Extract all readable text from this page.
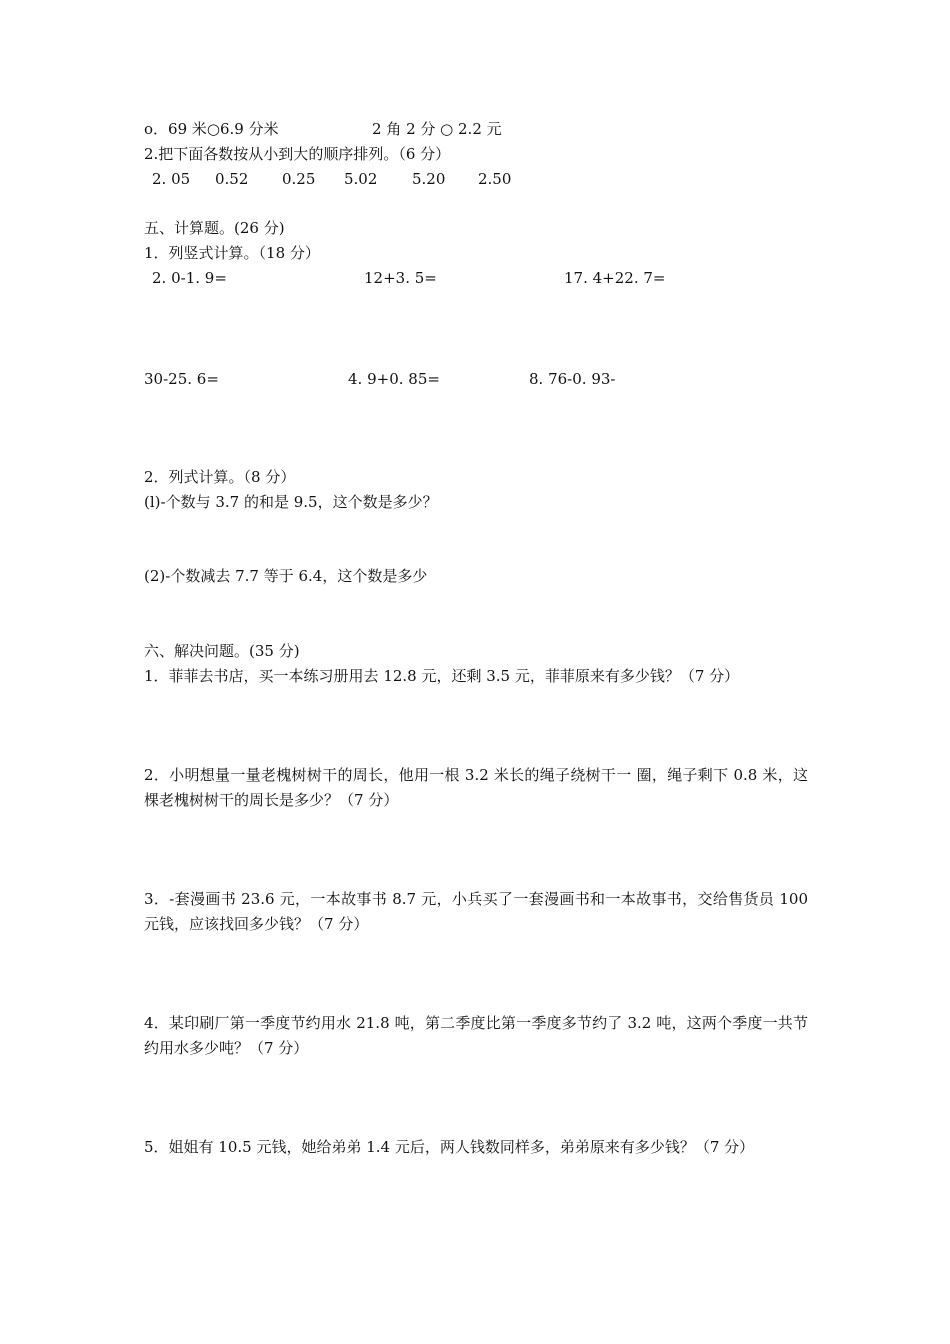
o．69 米○6.9 分米	2 角 2 分 ○ 2.2 元
2.把下面各数按从小到大的顺序排列。（6 分）
2. 05 0.52 0.25 5.02 5.20 2.50
五、计算题。(26 分)
1．列竖式计算。（18 分）
2. 0-1. 9=	12+3. 5=	17. 4+22. 7=
30-25. 6=	4. 9+0. 85=	8. 76-0. 93-
2．列式计算。（8 分）
(l)-个数与 3.7 的和是 9.5，这个数是多少？
(2)-个数减去 7.7 等于 6.4，这个数是多少
六、解决问题。(35 分)
1．菲菲去书店，买一本练习册用去 12.8 元，还剩 3.5 元，菲菲原来有多少钱？（7 分）
2．小明想量一量老槐树树干的周长，他用一根 3.2 米长的绳子绕树干一 圈，绳子剩下 0.8 米，这棵老槐树树干的周长是多少？（7 分）
3．-套漫画书 23.6 元，一本故事书 8.7 元，小兵买了一套漫画书和一本故事书，交给售货员 100 元钱，应该找回多少钱？（7 分）
4．某印刷厂第一季度节约用水 21.8 吨，第二季度比第一季度多节约了 3.2 吨，这两个季度一共节约用水多少吨？（7 分）
5．姐姐有 10.5 元钱，她给弟弟 1.4 元后，两人钱数同样多，弟弟原来有多少钱？（7 分）
